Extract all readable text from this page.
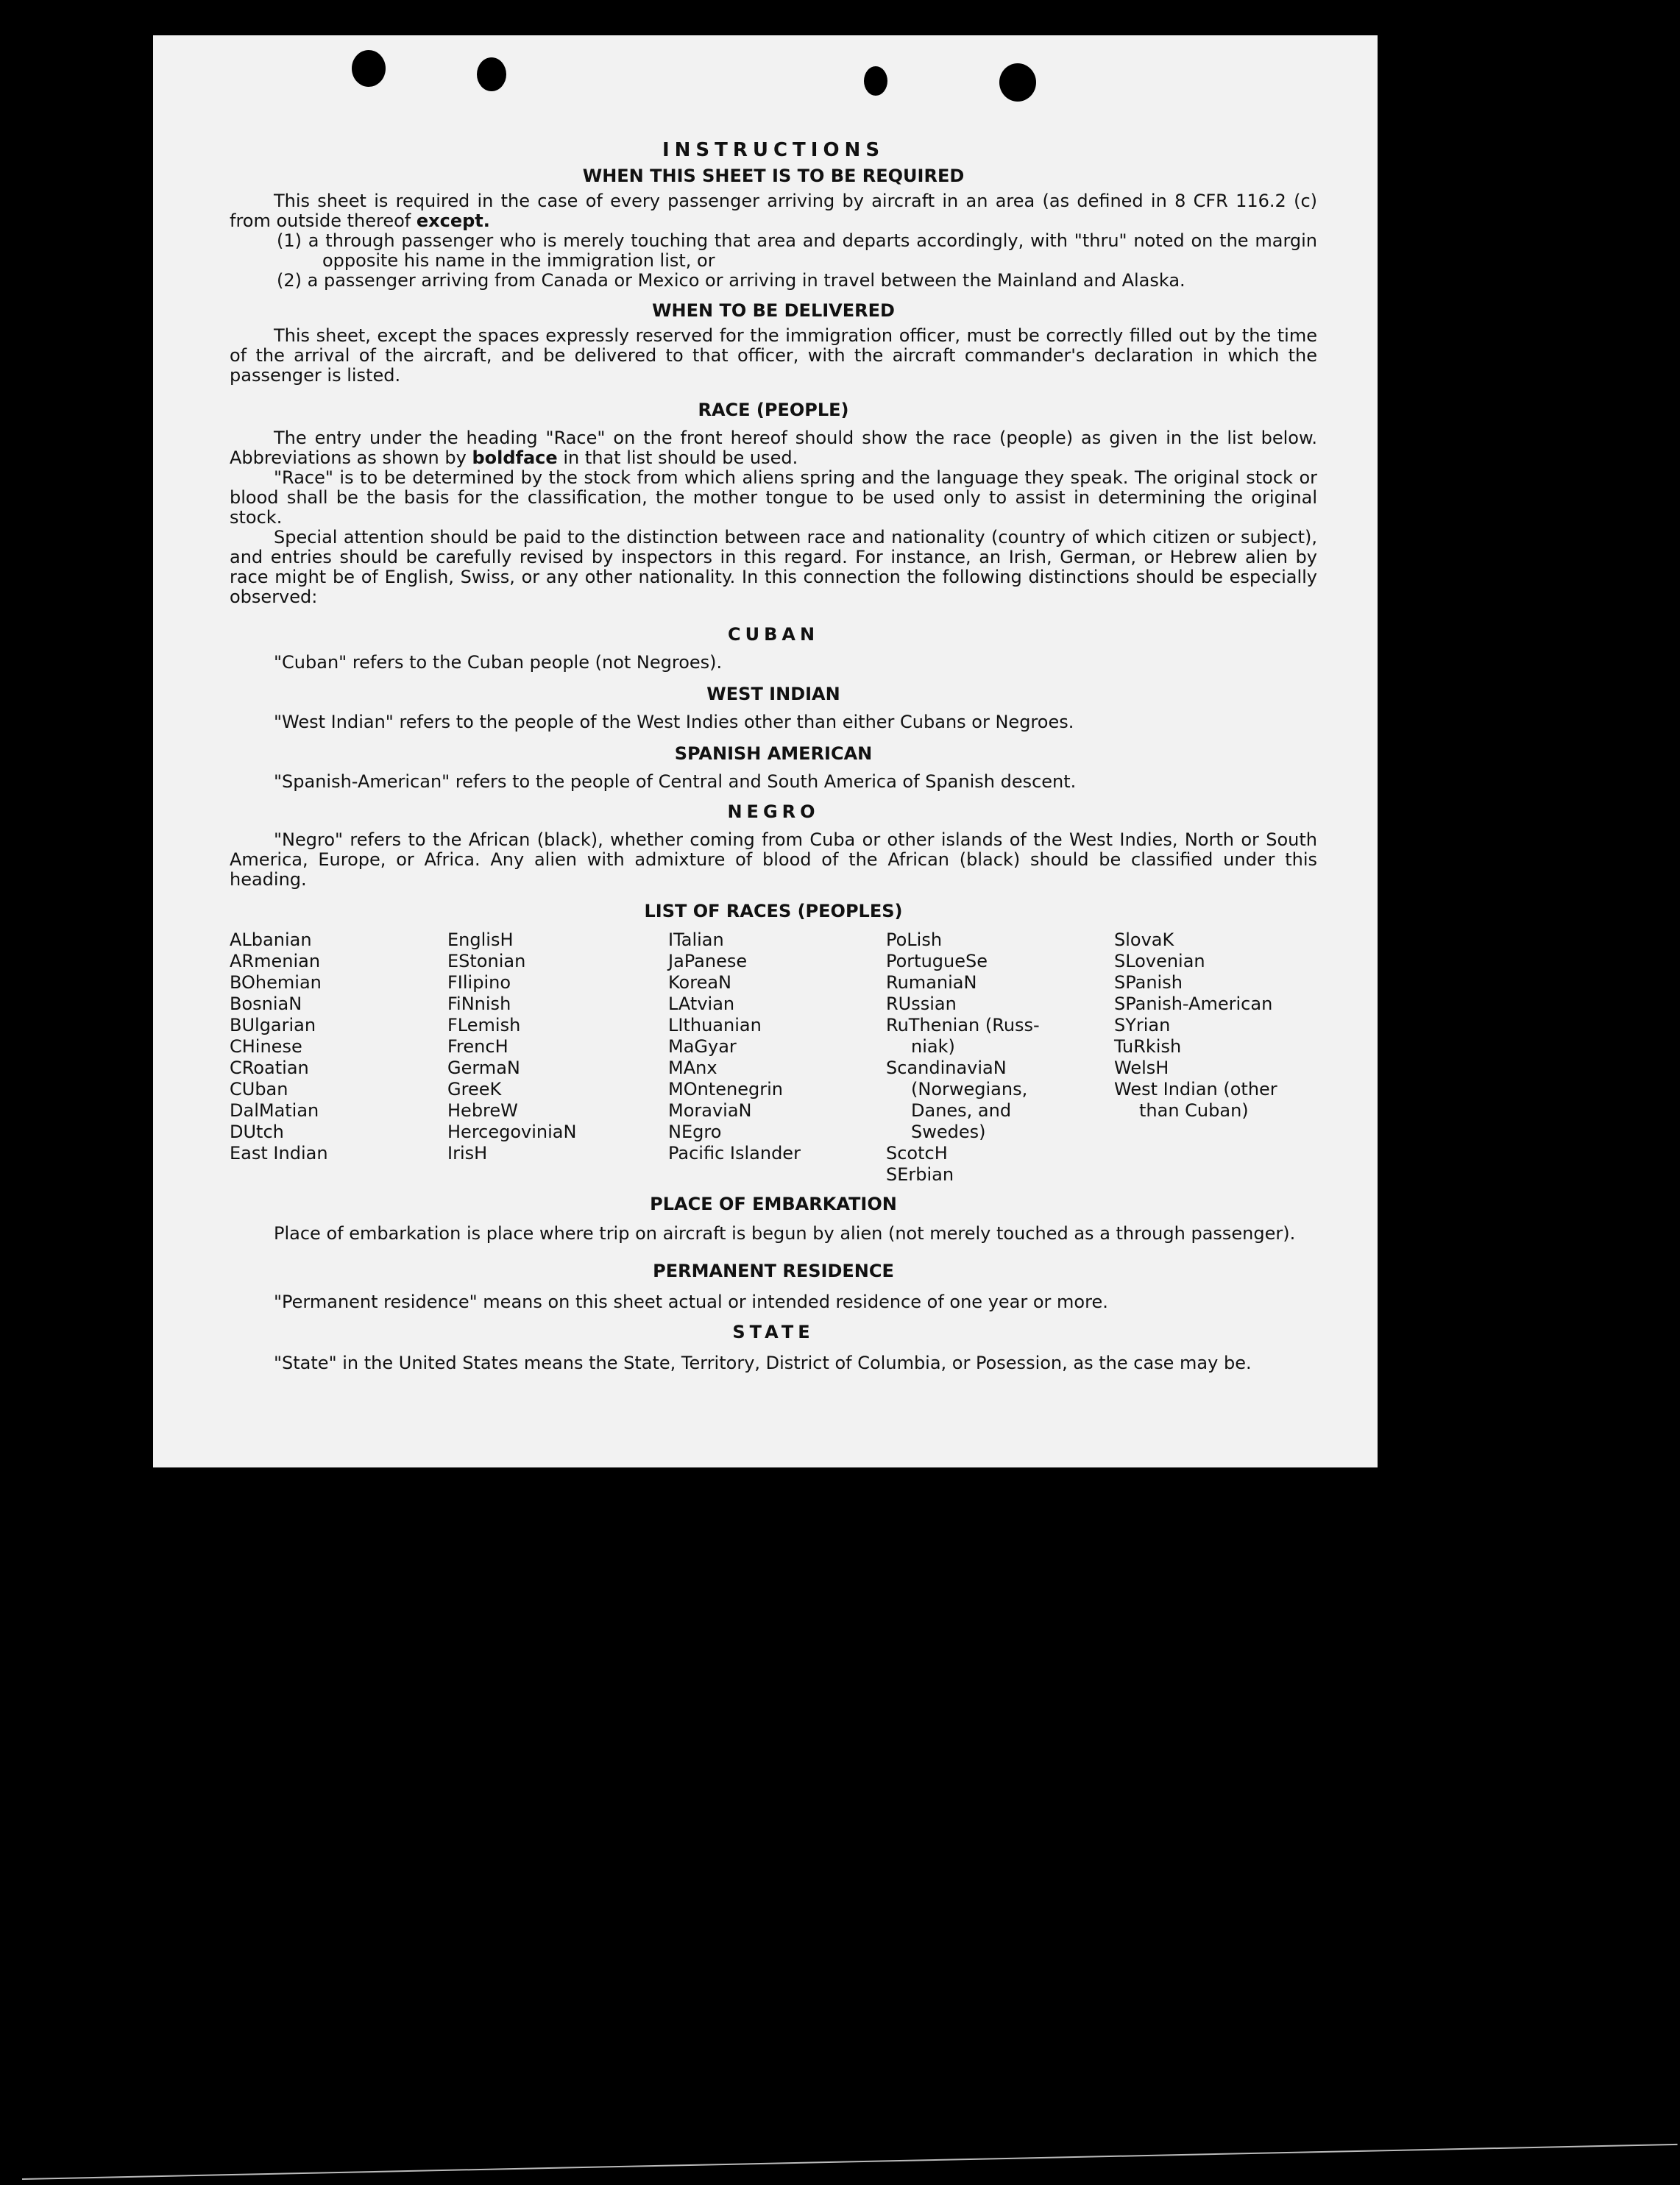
INSTRUCTIONS
WHEN THIS SHEET IS TO BE REQUIRED

This sheet is required in the case of every passenger arriving by aircraft in an area (as defined in 8 CFR 116.2 (c) from outside thereof except.

(1) a through passenger who is merely touching that area and departs accordingly, with "thru" noted on the margin opposite his name in the immigration list, or

(2) a passenger arriving from Canada or Mexico or arriving in travel between the Mainland and Alaska.

WHEN TO BE DELIVERED

This sheet, except the spaces expressly reserved for the immigration officer, must be correctly filled out by the time of the arrival of the aircraft, and be delivered to that officer, with the aircraft commander's declaration in which the passenger is listed.

RACE (PEOPLE)

The entry under the heading "Race" on the front hereof should show the race (people) as given in the list below. Abbreviations as shown by boldface in that list should be used.

"Race" is to be determined by the stock from which aliens spring and the language they speak. The original stock or blood shall be the basis for the classification, the mother tongue to be used only to assist in determining the original stock.

Special attention should be paid to the distinction between race and nationality (country of which citizen or subject), and entries should be carefully revised by inspectors in this regard. For instance, an Irish, German, or Hebrew alien by race might be of English, Swiss, or any other nationality. In this connection the following distinctions should be especially observed:

CUBAN

"Cuban" refers to the Cuban people (not Negroes).

WEST INDIAN

"West Indian" refers to the people of the West Indies other than either Cubans or Negroes.

SPANISH AMERICAN

"Spanish-American" refers to the people of Central and South America of Spanish descent.

NEGRO

"Negro" refers to the African (black), whether coming from Cuba or other islands of the West Indies, North or South America, Europe, or Africa. Any alien with admixture of blood of the African (black) should be classified under this heading.

LIST OF RACES (PEOPLES)
ALbanian
ARmenian
BOhemian
BosniaN
BUlgarian
CHinese
CRoatian
CUban
DalMatian
DUtch
East Indian
EnglisH
EStonian
FIlipino
FiNnish
FLemish
FrencH
GermaN
GreeK
HebreW
HercegoviniaN
IrisH
ITalian
JaPanese
KoreaN
LAtvian
LIthuanian
MaGyar
MAnx
MOntenegrin
MoraviaN
NEgro
Pacific Islander
PoLish
PortugueSe
RumaniaN
RUssian
RuThenian (Russ-
niak)
ScandinaviaN
(Norwegians,
Danes, and
Swedes)
ScotcH
SErbian
SlovaK
SLovenian
SPanish
SPanish-American
SYrian
TuRkish
WelsH
West Indian (other
than Cuban)
PLACE OF EMBARKATION

Place of embarkation is place where trip on aircraft is begun by alien (not merely touched as a through passenger).

PERMANENT RESIDENCE

"Permanent residence" means on this sheet actual or intended residence of one year or more.

STATE

"State" in the United States means the State, Territory, District of Columbia, or Posession, as the case may be.
